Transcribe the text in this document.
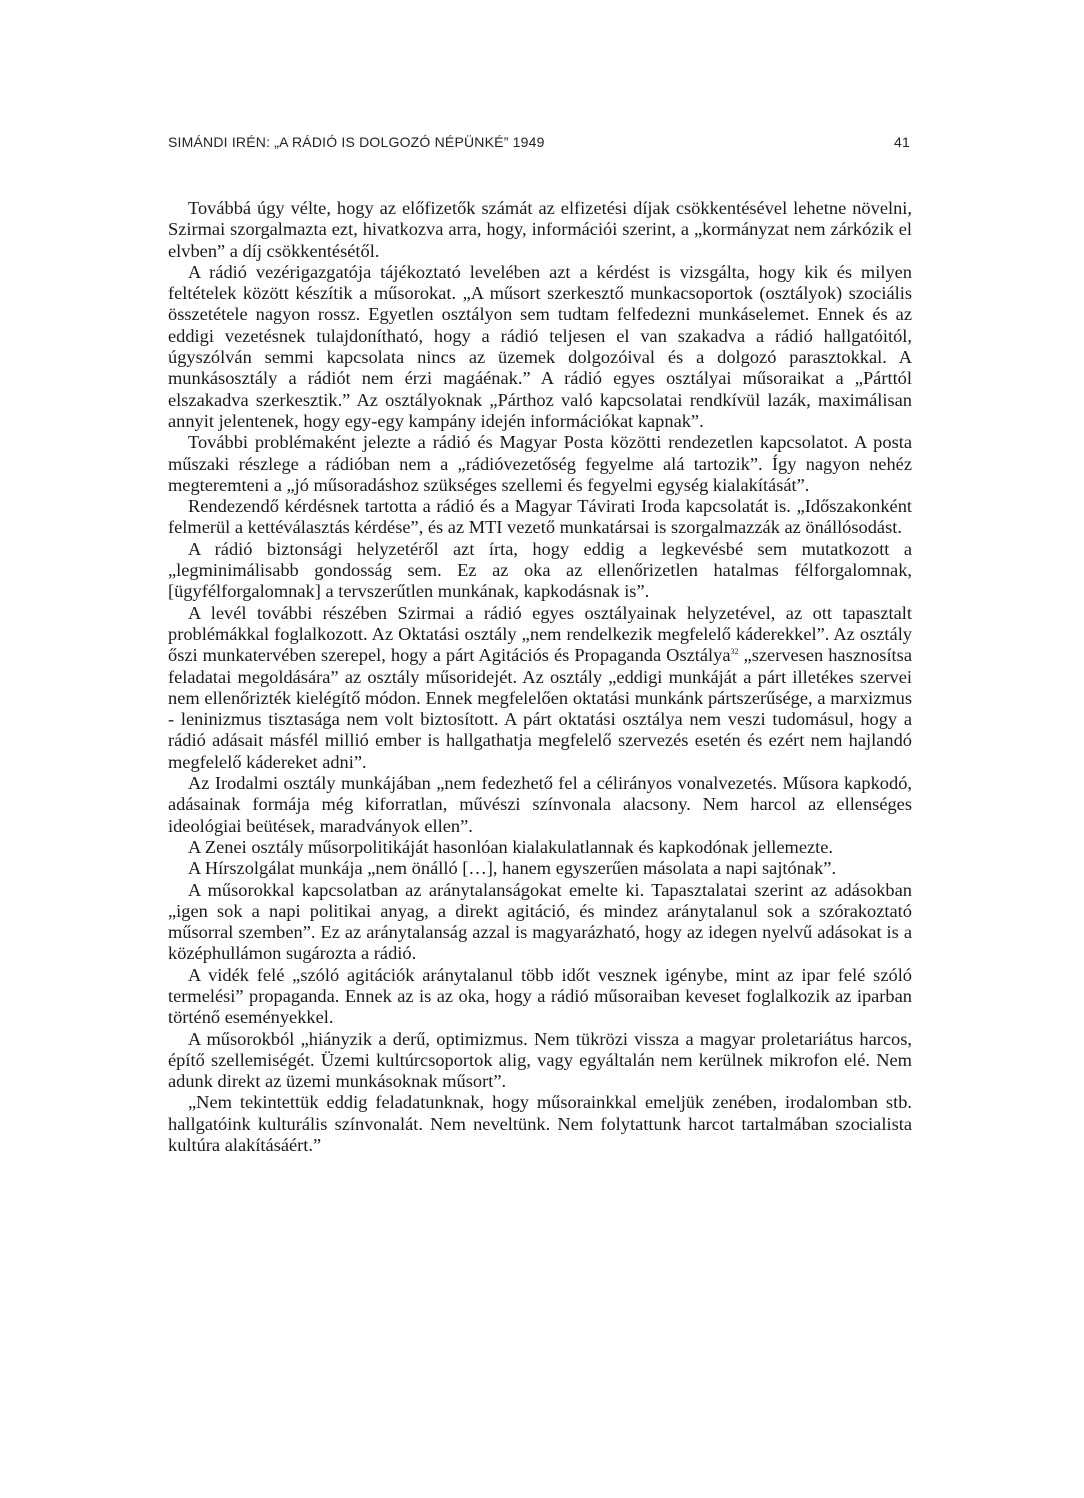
SIMÁNDI IRÉN: „A RÁDIÓ IS DOLGOZÓ NÉPÜNKÉ” 1949	41

Továbbá úgy vélte, hogy az előfizetők számát az elfizetési díjak csökkentésével lehetne növelni, Szirmai szorgalmazta ezt, hivatkozva arra, hogy, információi szerint, a „kormányzat nem zárkózik el elvben” a díj csökkentésétől.

A rádió vezérigazgatója tájékoztató levelében azt a kérdést is vizsgálta, hogy kik és milyen feltételek között készítik a műsorokat. „A műsort szerkesztő munkacsoportok (osztályok) szociális összetétele nagyon rossz. Egyetlen osztályon sem tudtam felfedezni munkáselemet. Ennek és az eddigi vezetésnek tulajdonítható, hogy a rádió teljesen el van szakadva a rádió hallgatóitól, úgyszólván semmi kapcsolata nincs az üzemek dolgozóival és a dolgozó parasztokkal. A munkásosztály a rádiót nem érzi magáénak.” A rádió egyes osztályai műsoraikat a „Párttól elszakadva szerkesztik.” Az osztályoknak „Párthoz való kapcsolatai rendkívül lazák, maximálisan annyit jelentenek, hogy egy-egy kampány idején információkat kapnak”.

További problémaként jelezte a rádió és Magyar Posta közötti rendezetlen kapcsolatot. A posta műszaki részlege a rádióban nem a „rádióvezetőség fegyelme alá tartozik”. Így nagyon nehéz megteremteni a „jó műsoradáshoz szükséges szellemi és fegyelmi egység kialakítását”.

Rendezendő kérdésnek tartotta a rádió és a Magyar Távirati Iroda kapcsolatát is. „Időszakonként felmerül a kettéválasztás kérdése”, és az MTI vezető munkatársai is szorgalmazzák az önállósodást.

A rádió biztonsági helyzetéről azt írta, hogy eddig a legkevésbé sem mutatkozott a „legminimálisabb gondosság sem. Ez az oka az ellenőrizetlen hatalmas félforgalomnak, [ügyfélforgalomnak] a tervszerűtlen munkának, kapkodásnak is”.

A levél további részében Szirmai a rádió egyes osztályainak helyzetével, az ott tapasztalt problémákkal foglalkozott. Az Oktatási osztály „nem rendelkezik megfelelő káderekkel”. Az osztály őszi munkatervében szerepel, hogy a párt Agitációs és Propaganda Osztálya$^{32}$ „szervesen hasznosítsa feladatai megoldására” az osztály műsoridejét. Az osztály „eddigi munkáját a párt illetékes szervei nem ellenőrizték kielégítő módon. Ennek megfelelően oktatási munkánk pártszerűsége, a marxizmus - leninizmus tisztasága nem volt biztosított. A párt oktatási osztálya nem veszi tudomásul, hogy a rádió adásait másfél millió ember is hallgathatja megfelelő szervezés esetén és ezért nem hajlandó megfelelő kádereket adni”.

Az Irodalmi osztály munkájában „nem fedezhető fel a célirányos vonalvezetés. Műsora kapkodó, adásainak formája még kiforratlan, művészi színvonala alacsony. Nem harcol az ellenséges ideológiai beütések, maradványok ellen”.

A Zenei osztály műsorpolitikáját hasonlóan kialakulatlannak és kapkodónak jellemezte.

A Hírszolgálat munkája „nem önálló […], hanem egyszerűen másolata a napi sajtónak”.

A műsorokkal kapcsolatban az aránytalanságokat emelte ki. Tapasztalatai szerint az adásokban „igen sok a napi politikai anyag, a direkt agitáció, és mindez aránytalanul sok a szórakoztató műsorral szemben”. Ez az aránytalanság azzal is magyarázható, hogy az idegen nyelvű adásokat is a középhullámon sugározta a rádió.

A vidék felé „szóló agitációk aránytalanul több időt vesznek igénybe, mint az ipar felé szóló termelési” propaganda. Ennek az is az oka, hogy a rádió műsoraiban keveset foglalkozik az iparban történő eseményekkel.

A műsorokból „hiányzik a derű, optimizmus. Nem tükrözi vissza a magyar proletariátus harcos, építő szellemiségét. Üzemi kultúrcsoportok alig, vagy egyáltalán nem kerülnek mikrofon elé. Nem adunk direkt az üzemi munkásoknak műsort”.

„Nem tekintettük eddig feladatunknak, hogy műsorainkkal emeljük zenében, irodalomban stb. hallgatóink kulturális színvonalát. Nem neveltünk. Nem folytattunk harcot tartalmában szocialista kultúra alakításáért.”
